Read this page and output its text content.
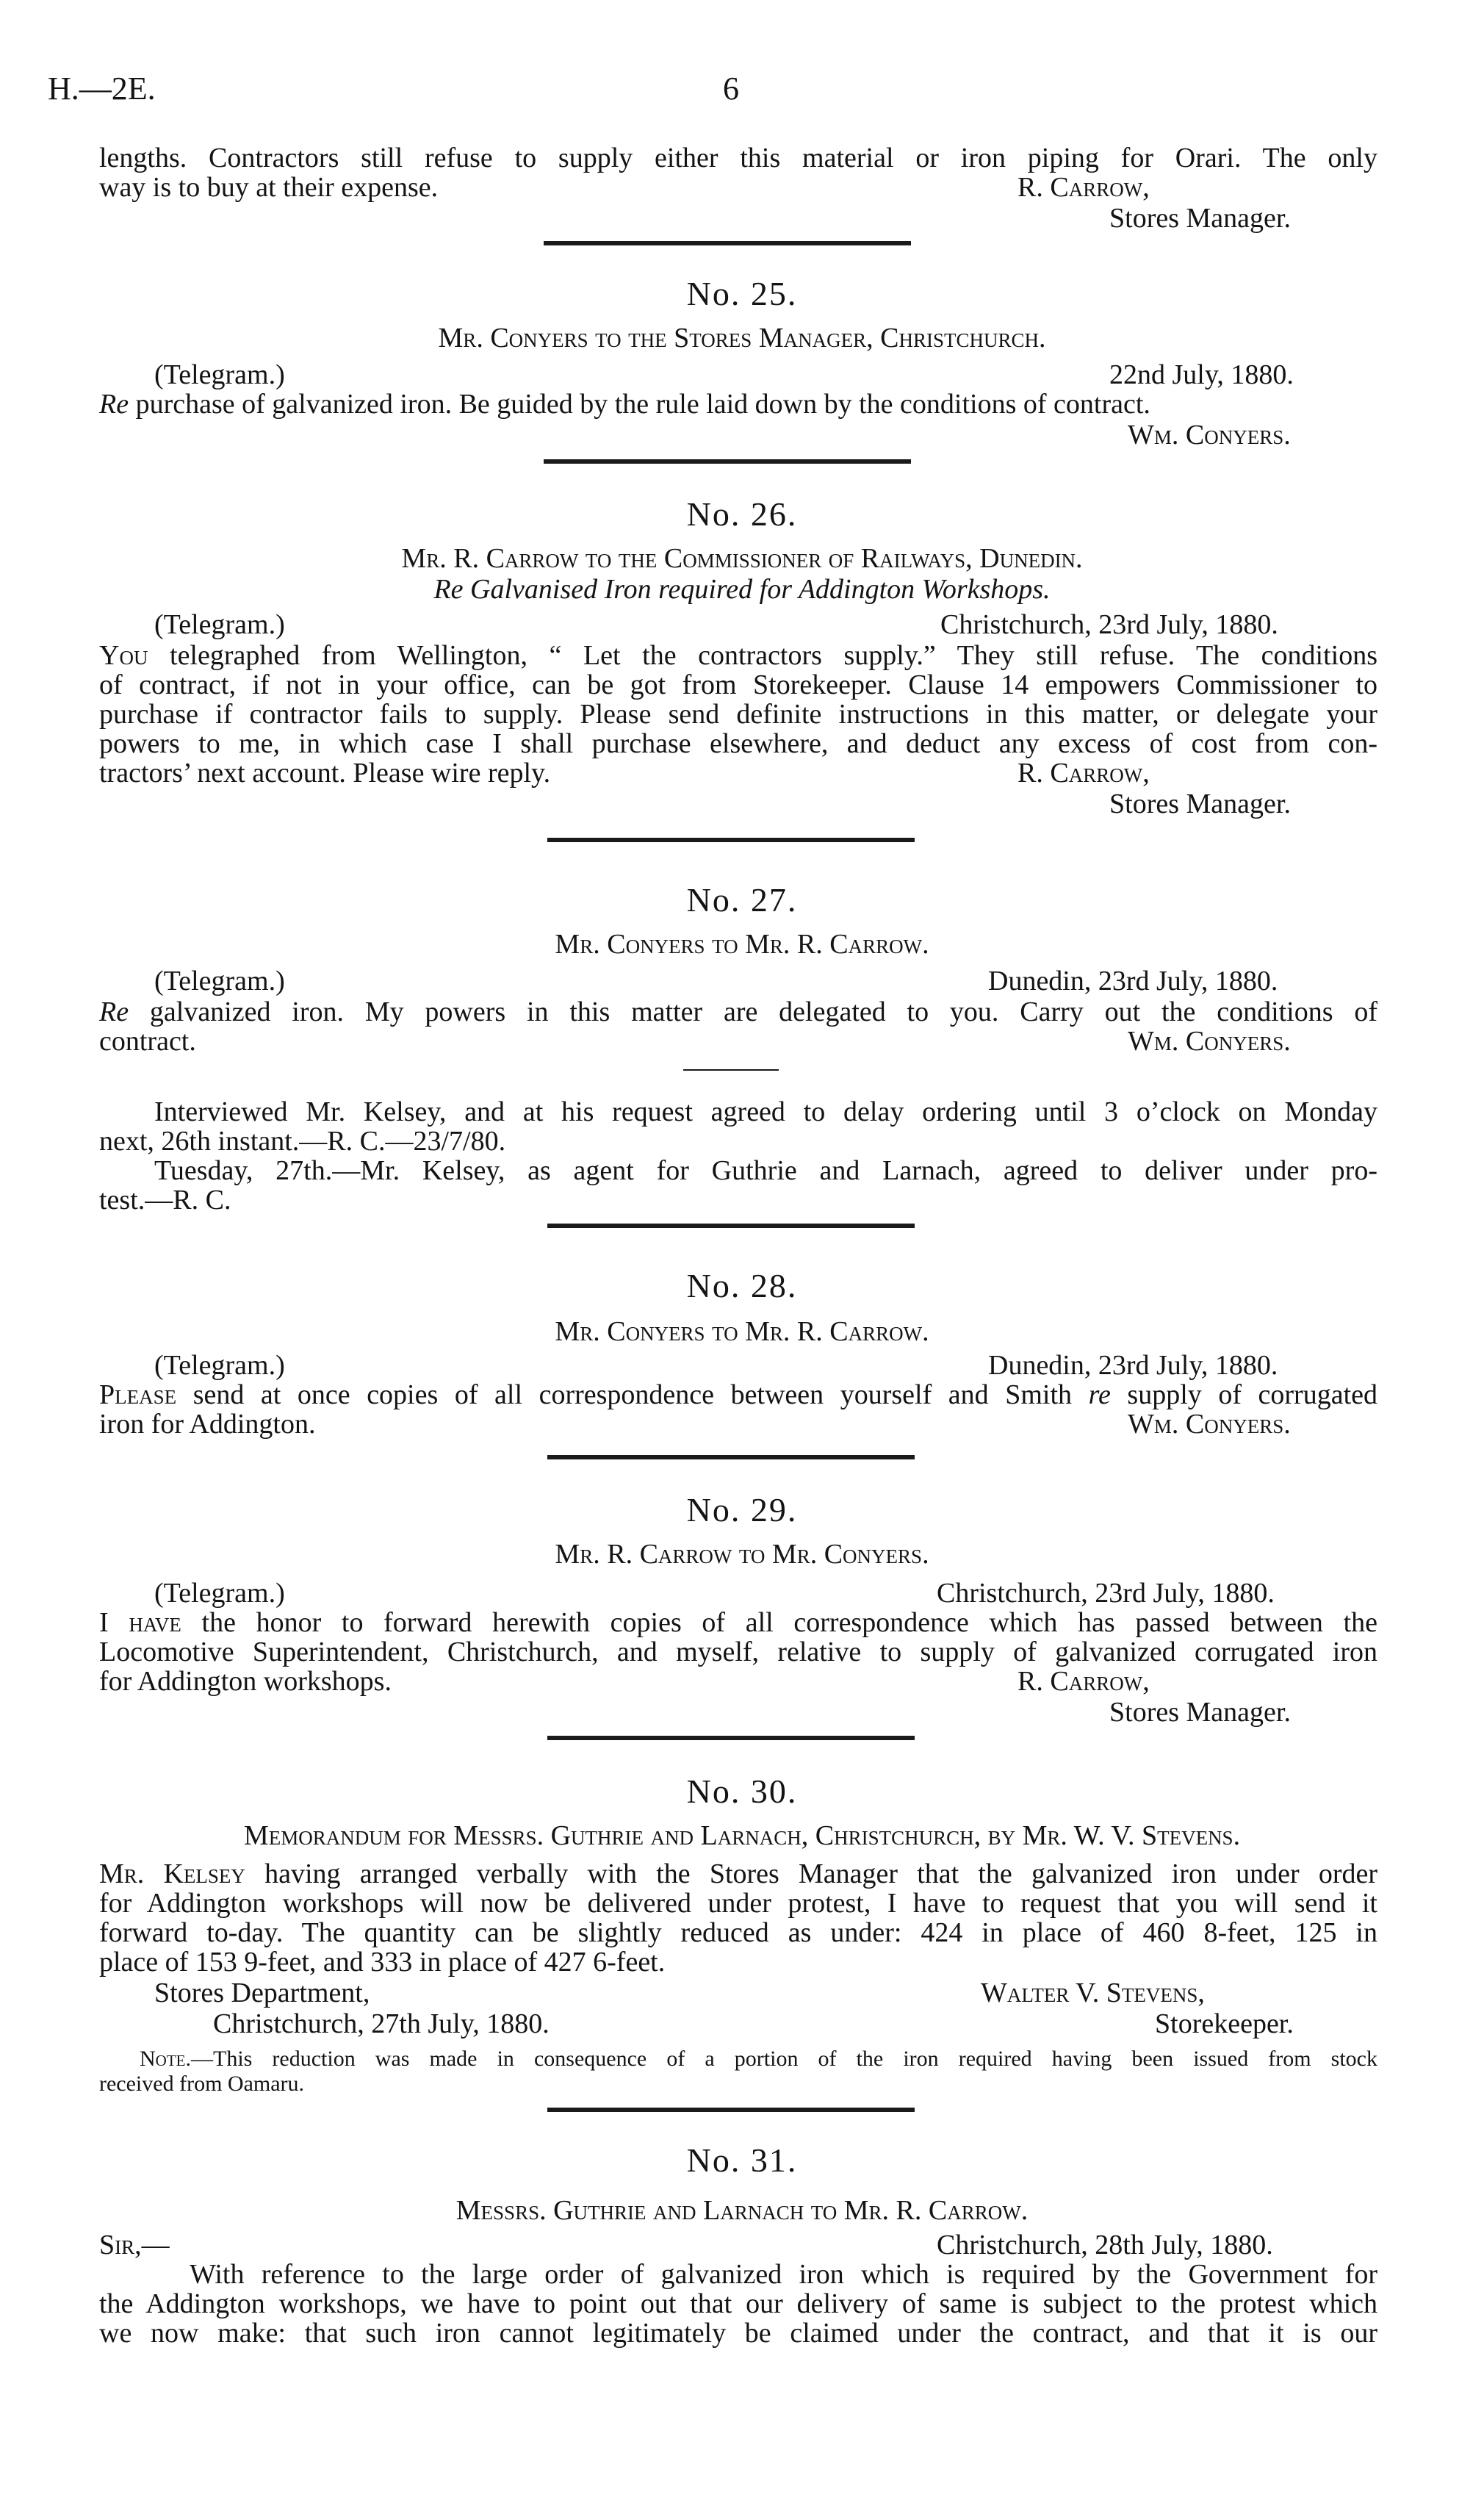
H.—2E.	6
lengths. Contractors still refuse to supply either this material or iron piping for Orari. The only
way is to buy at their expense.	R. Carrow,
Stores Manager.
No. 25.
Mr. Conyers to the Stores Manager, Christchurch.
(Telegram.)	22nd July, 1880.
Re purchase of galvanized iron. Be guided by the rule laid down by the conditions of contract.
Wm. Conyers.
No. 26.
Mr. R. Carrow to the Commissioner of Railways, Dunedin.
Re Galvanised Iron required for Addington Workshops.
(Telegram.)	Christchurch, 23rd July, 1880.
You telegraphed from Wellington, “ Let the contractors supply.” They still refuse. The conditions
of contract, if not in your office, can be got from Storekeeper. Clause 14 empowers Commissioner to
purchase if contractor fails to supply. Please send definite instructions in this matter, or delegate your
powers to me, in which case I shall purchase elsewhere, and deduct any excess of cost from con-
tractors’ next account. Please wire reply.	R. Carrow,
Stores Manager.
No. 27.
Mr. Conyers to Mr. R. Carrow.
(Telegram.)	Dunedin, 23rd July, 1880.
Re galvanized iron. My powers in this matter are delegated to you. Carry out the conditions of
contract.	Wm. Conyers.
Interviewed Mr. Kelsey, and at his request agreed to delay ordering until 3 o’clock on Monday
next, 26th instant.—R. C.—23/7/80.
Tuesday, 27th.—Mr. Kelsey, as agent for Guthrie and Larnach, agreed to deliver under pro-
test.—R. C.
No. 28.
Mr. Conyers to Mr. R. Carrow.
(Telegram.)	Dunedin, 23rd July, 1880.
Please send at once copies of all correspondence between yourself and Smith re supply of corrugated
iron for Addington.	Wm. Conyers.
No. 29.
Mr. R. Carrow to Mr. Conyers.
(Telegram.)	Christchurch, 23rd July, 1880.
I have the honor to forward herewith copies of all correspondence which has passed between the
Locomotive Superintendent, Christchurch, and myself, relative to supply of galvanized corrugated iron
for Addington workshops.	R. Carrow,
Stores Manager.
No. 30.
Memorandum for Messrs. Guthrie and Larnach, Christchurch, by Mr. W. V. Stevens.
Mr. Kelsey having arranged verbally with the Stores Manager that the galvanized iron under order
for Addington workshops will now be delivered under protest, I have to request that you will send it
forward to-day. The quantity can be slightly reduced as under: 424 in place of 460 8-feet, 125 in
place of 153 9-feet, and 333 in place of 427 6-feet.
Stores Department,	Walter V. Stevens,
Christchurch, 27th July, 1880.	Storekeeper.
Note.—This reduction was made in consequence of a portion of the iron required having been issued from stock
received from Oamaru.
No. 31.
Messrs. Guthrie and Larnach to Mr. R. Carrow.
Sir,—	Christchurch, 28th July, 1880.
With reference to the large order of galvanized iron which is required by the Government for
the Addington workshops, we have to point out that our delivery of same is subject to the protest which
we now make: that such iron cannot legitimately be claimed under the contract, and that it is our
